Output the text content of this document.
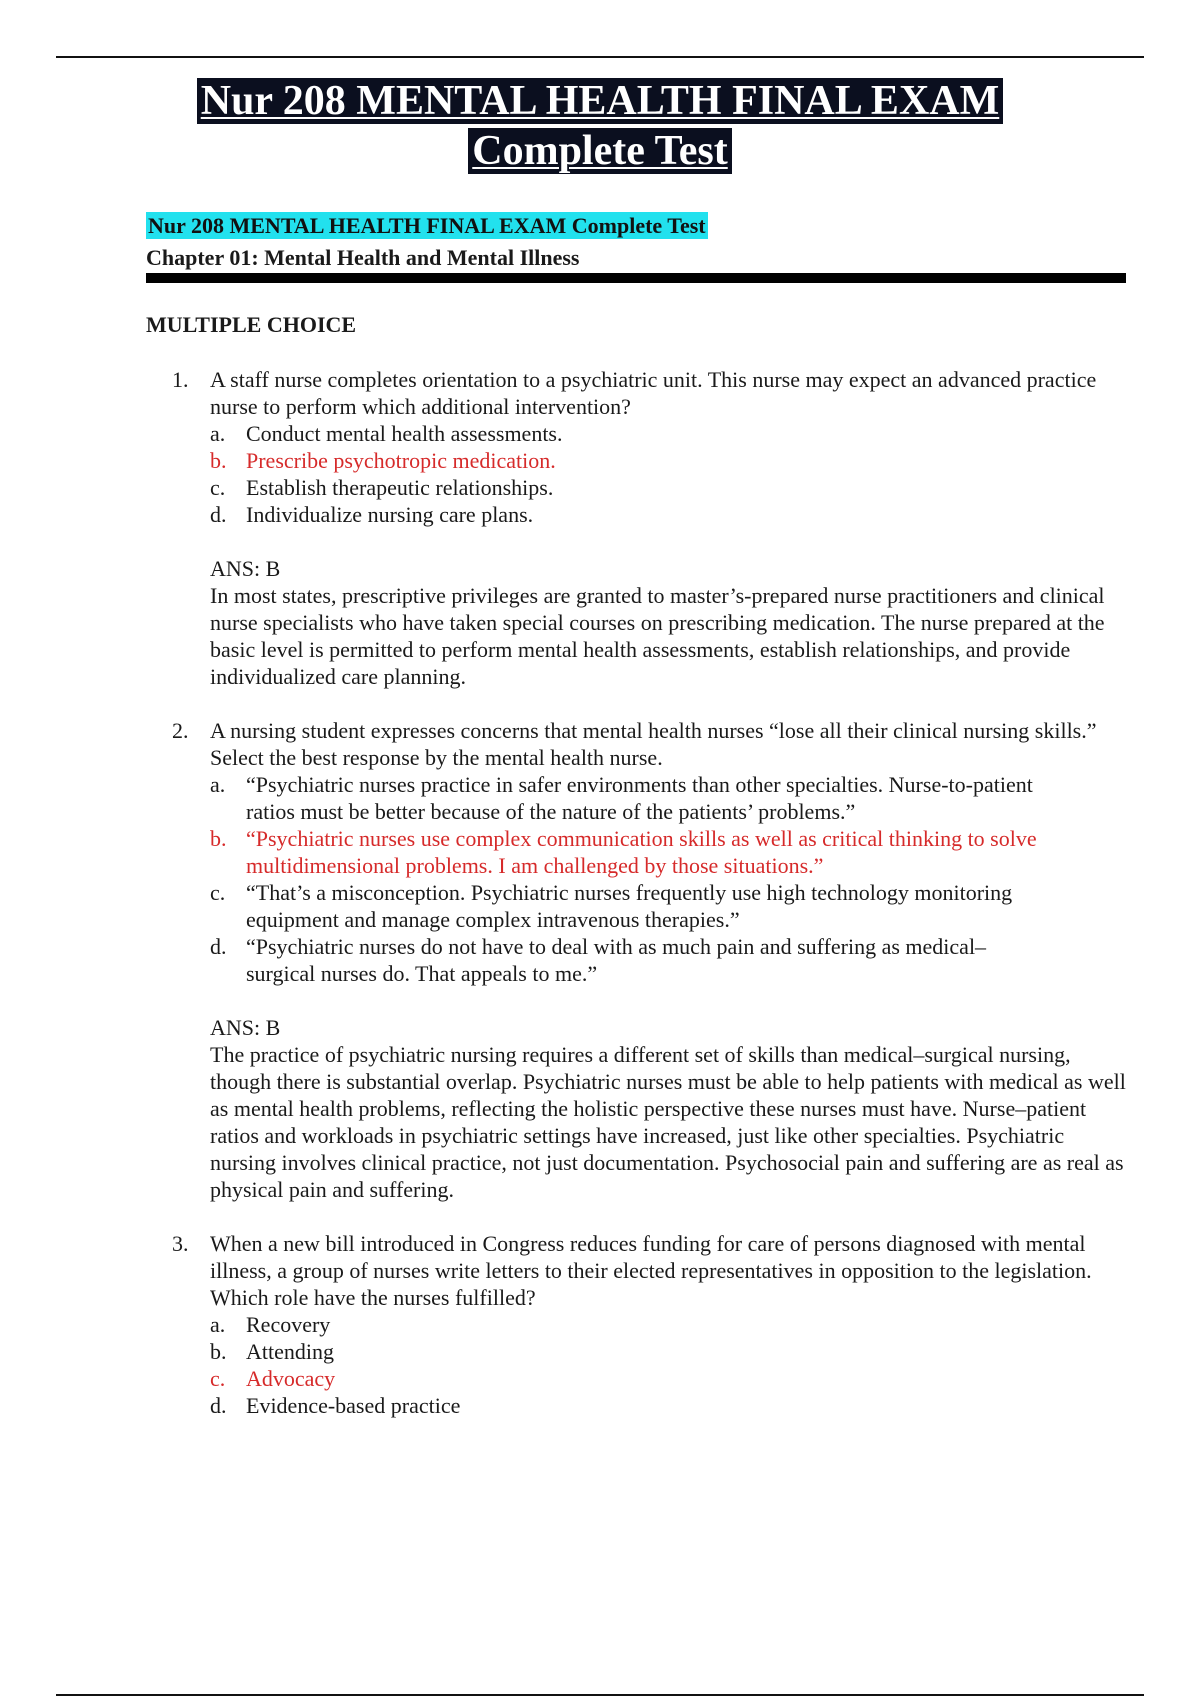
Nur 208 MENTAL HEALTH FINAL EXAM
Complete Test
Nur 208 MENTAL HEALTH FINAL EXAM Complete Test
Chapter 01: Mental Health and Mental Illness
MULTIPLE CHOICE
1. A staff nurse completes orientation to a psychiatric unit. This nurse may expect an advanced practice nurse to perform which additional intervention?
a. Conduct mental health assessments.
b. Prescribe psychotropic medication.
c. Establish therapeutic relationships.
d. Individualize nursing care plans.
ANS: B
In most states, prescriptive privileges are granted to master’s-prepared nurse practitioners and clinical nurse specialists who have taken special courses on prescribing medication. The nurse prepared at the basic level is permitted to perform mental health assessments, establish relationships, and provide individualized care planning.
2. A nursing student expresses concerns that mental health nurses “lose all their clinical nursing skills.” Select the best response by the mental health nurse.
a. “Psychiatric nurses practice in safer environments than other specialties. Nurse-to-patient ratios must be better because of the nature of the patients’ problems.”
b. “Psychiatric nurses use complex communication skills as well as critical thinking to solve multidimensional problems. I am challenged by those situations.”
c. “That’s a misconception. Psychiatric nurses frequently use high technology monitoring equipment and manage complex intravenous therapies.”
d. “Psychiatric nurses do not have to deal with as much pain and suffering as medical–surgical nurses do. That appeals to me.”
ANS: B
The practice of psychiatric nursing requires a different set of skills than medical–surgical nursing, though there is substantial overlap. Psychiatric nurses must be able to help patients with medical as well as mental health problems, reflecting the holistic perspective these nurses must have. Nurse–patient ratios and workloads in psychiatric settings have increased, just like other specialties. Psychiatric nursing involves clinical practice, not just documentation. Psychosocial pain and suffering are as real as physical pain and suffering.
3. When a new bill introduced in Congress reduces funding for care of persons diagnosed with mental illness, a group of nurses write letters to their elected representatives in opposition to the legislation. Which role have the nurses fulfilled?
a. Recovery
b. Attending
c. Advocacy
d. Evidence-based practice
